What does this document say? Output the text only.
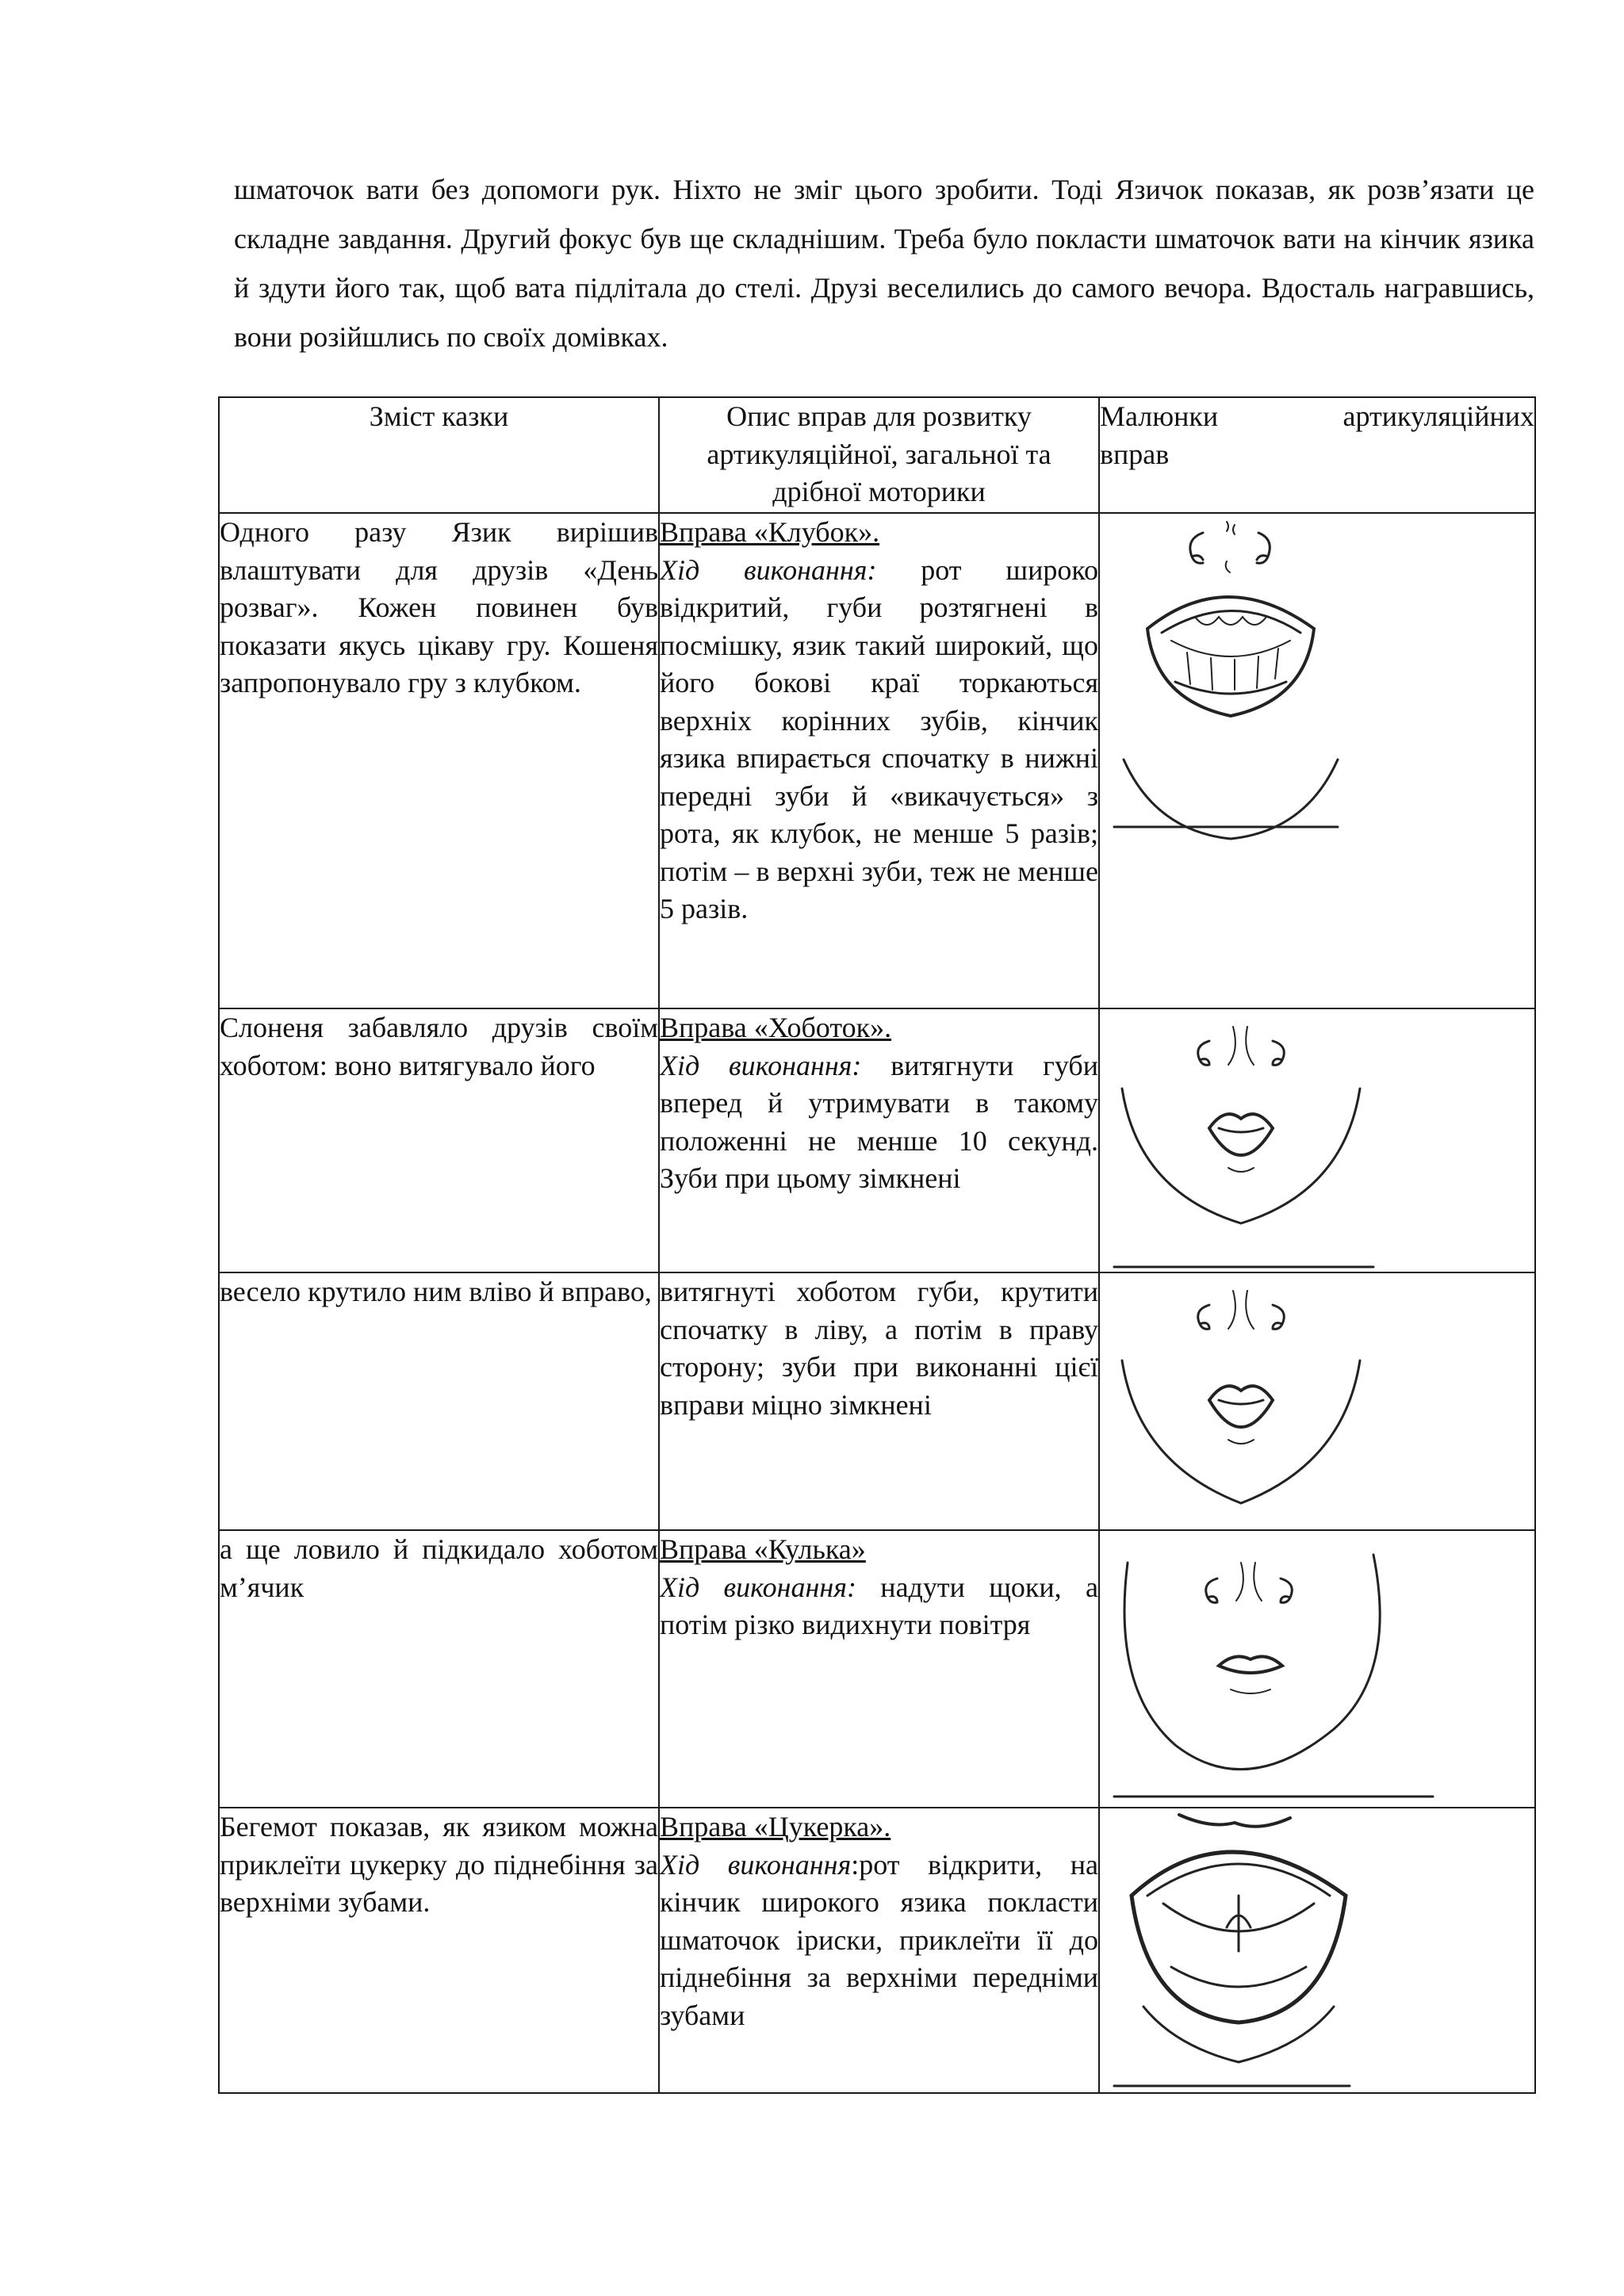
шматочок вати без допомоги рук. Ніхто не зміг цього зробити. Тоді Язичок показав, як розв’язати це складне завдання. Другий фокус був ще складнішим. Треба було покласти шматочок вати на кінчик язика й здути його так, щоб вата підлітала до стелі. Друзі веселились до самого вечора. Вдосталь награвшись, вони розійшлись по своїх домівках.

Зміст казки	Опис вправ для розвитку артикуляційної, загальної та дрібної моторики	Малюнки артикуляційних
вправ

Одного разу Язик вирішив влаштувати для друзів «День розваг». Кожен повинен був показати якусь цікаву гру. Кошеня запропонувало гру з клубком.	Вправа «Клубок».
Хід виконання: рот широко відкритий, губи розтягнені в посмішку, язик такий широкий, що його бокові краї торкаються верхніх корінних зубів, кінчик язика впирається спочатку в нижні передні зуби й «викачується» з рота, як клубок, не менше 5 разів; потім – в верхні зуби, теж не менше 5 разів.

Слоненя забавляло друзів своїм хоботом: воно витягувало його	Вправа «Хоботок».
Хід виконання: витягнути губи вперед й утримувати в такому положенні не менше 10 секунд. Зуби при цьому зімкнені

весело крутило ним вліво й вправо,	витягнуті хоботом губи, крутити спочатку в ліву, а потім в праву сторону; зуби при виконанні цієї вправи міцно зімкнені

а ще ловило й підкидало хоботом м’ячик	Вправа «Кулька»
Хід виконання: надути щоки, а потім різко видихнути повітря

Бегемот показав, як язиком можна приклеїти цукерку до піднебіння за верхніми зубами.	Вправа «Цукерка».
Хід виконання:рот відкрити, на кінчик широкого язика покласти шматочок іриски, приклеїти її до піднебіння за верхніми передніми зубами
